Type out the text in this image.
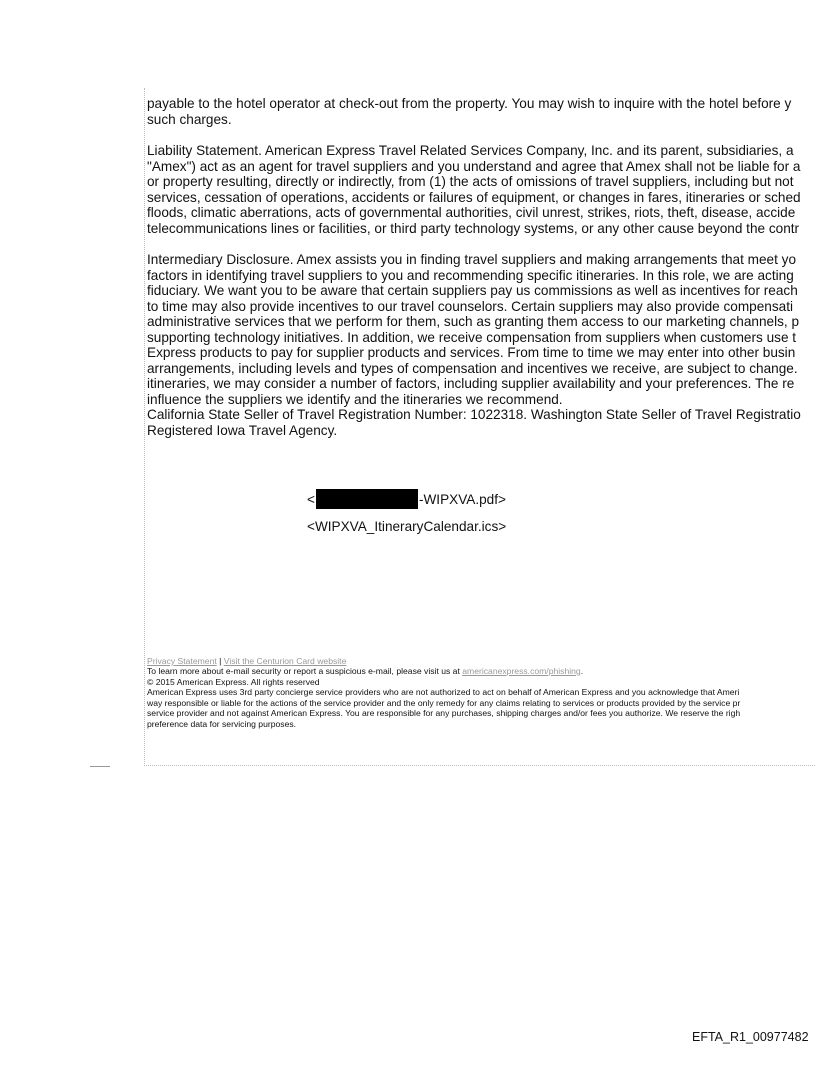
payable to the hotel operator at check-out from the property. You may wish to inquire with the hotel before y
such charges.
Liability Statement. American Express Travel Related Services Company, Inc. and its parent, subsidiaries, a
"Amex") act as an agent for travel suppliers and you understand and agree that Amex shall not be liable for a
or property resulting, directly or indirectly, from (1) the acts of omissions of travel suppliers, including but not
services, cessation of operations, accidents or failures of equipment, or changes in fares, itineraries or sched
floods, climatic aberrations, acts of governmental authorities, civil unrest, strikes, riots, theft, disease, accide
telecommunications lines or facilities, or third party technology systems, or any other cause beyond the contr
Intermediary Disclosure. Amex assists you in finding travel suppliers and making arrangements that meet yo
factors in identifying travel suppliers to you and recommending specific itineraries. In this role, we are acting
fiduciary. We want you to be aware that certain suppliers pay us commissions as well as incentives for reach
to time may also provide incentives to our travel counselors. Certain suppliers may also provide compensati
administrative services that we perform for them, such as granting them access to our marketing channels, p
supporting technology initiatives. In addition, we receive compensation from suppliers when customers use t
Express products to pay for supplier products and services. From time to time we may enter into other busin
arrangements, including levels and types of compensation and incentives we receive, are subject to change.
itineraries, we may consider a number of factors, including supplier availability and your preferences. The re
influence the suppliers we identify and the itineraries we recommend.
California State Seller of Travel Registration Number: 1022318. Washington State Seller of Travel Registratio
Registered Iowa Travel Agency.
<	-WIPXVA.pdf>
<WIPXVA_ItineraryCalendar.ics>
Privacy Statement | Visit the Centurion Card website
To learn more about e-mail security or report a suspicious e-mail, please visit us at americanexpress.com/phishing.
© 2015 American Express. All rights reserved
American Express uses 3rd party concierge service providers who are not authorized to act on behalf of American Express and you acknowledge that Ameri
way responsible or liable for the actions of the service provider and the only remedy for any claims relating to services or products provided by the service pr
service provider and not against American Express. You are responsible for any purchases, shipping charges and/or fees you authorize. We reserve the righ
preference data for servicing purposes.
EFTA_R1_00977482
